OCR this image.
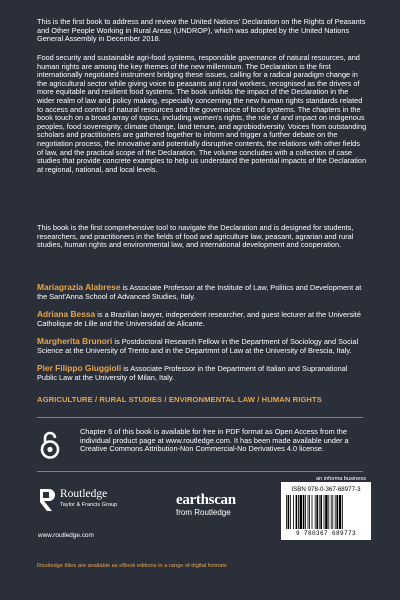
This is the first book to address and review the United Nations' Declaration on the Rights of Peasants and Other People Working in Rural Areas (UNDROP), which was adopted by the United Nations General Assembly in December 2018.

Food security and sustainable agri-food systems, responsible governance of natural resources, and human rights are among the key themes of the new millennium. The Declaration is the first internationally negotiated instrument bridging these issues, calling for a radical paradigm change in the agricultural sector while giving voice to peasants and rural workers, recognised as the drivers of more equitable and resilient food systems. The book unfolds the impact of the Declaration in the wider realm of law and policy making, especially concerning the new human rights standards related to access and control of natural resources and the governance of food systems. The chapters in the book touch on a broad array of topics, including women's rights, the role of and impact on indigenous peoples, food sovereignty, climate change, land tenure, and agrobiodiversity. Voices from outstanding scholars and practitioners are gathered together to inform and trigger a further debate on the negotiation process, the innovative and potentially disruptive contents, the relations with other fields of law, and the practical scope of the Declaration. The volume concludes with a collection of case studies that provide concrete examples to help us understand the potential impacts of the Declaration at regional, national, and local levels.

This book is the first comprehensive tool to navigate the Declaration and is designed for students, researchers, and practitioners in the fields of food and agriculture law, peasant, agrarian and rural studies, human rights and environmental law, and international development and cooperation.

Mariagrazia Alabrese is Associate Professor at the Institute of Law, Politics and Development at the Sant'Anna School of Advanced Studies, Italy.

Adriana Bessa is a Brazilian lawyer, independent researcher, and guest lecturer at the Université Catholique de Lille and the Universidad de Alicante.

Margherita Brunori is Postdoctoral Research Fellow in the Department of Sociology and Social Science at the University of Trento and in the Departmnt of Law at the University of Brescia, Italy.

Pier Filippo Giuggioli is Associate Professor in the Department of Italian and Supranational Public Law at the University of Milan, Italy.

AGRICULTURE / RURAL STUDIES / ENVIRONMENTAL LAW / HUMAN RIGHTS

Chapter 6 of this book is available for free in PDF format as Open Access from the individual product page at www.routledge.com. It has been made available under a Creative Commons Attribution-Non Commercial-No Derivatives 4.0 license.

an informa business
Routledge
Taylor & Francis Group
www.routledge.com
earthscan
from Routledge
ISBN 978-0-367-68977-3
9 780367 689773
Routledge titles are available as eBook editions in a range of digital formats
